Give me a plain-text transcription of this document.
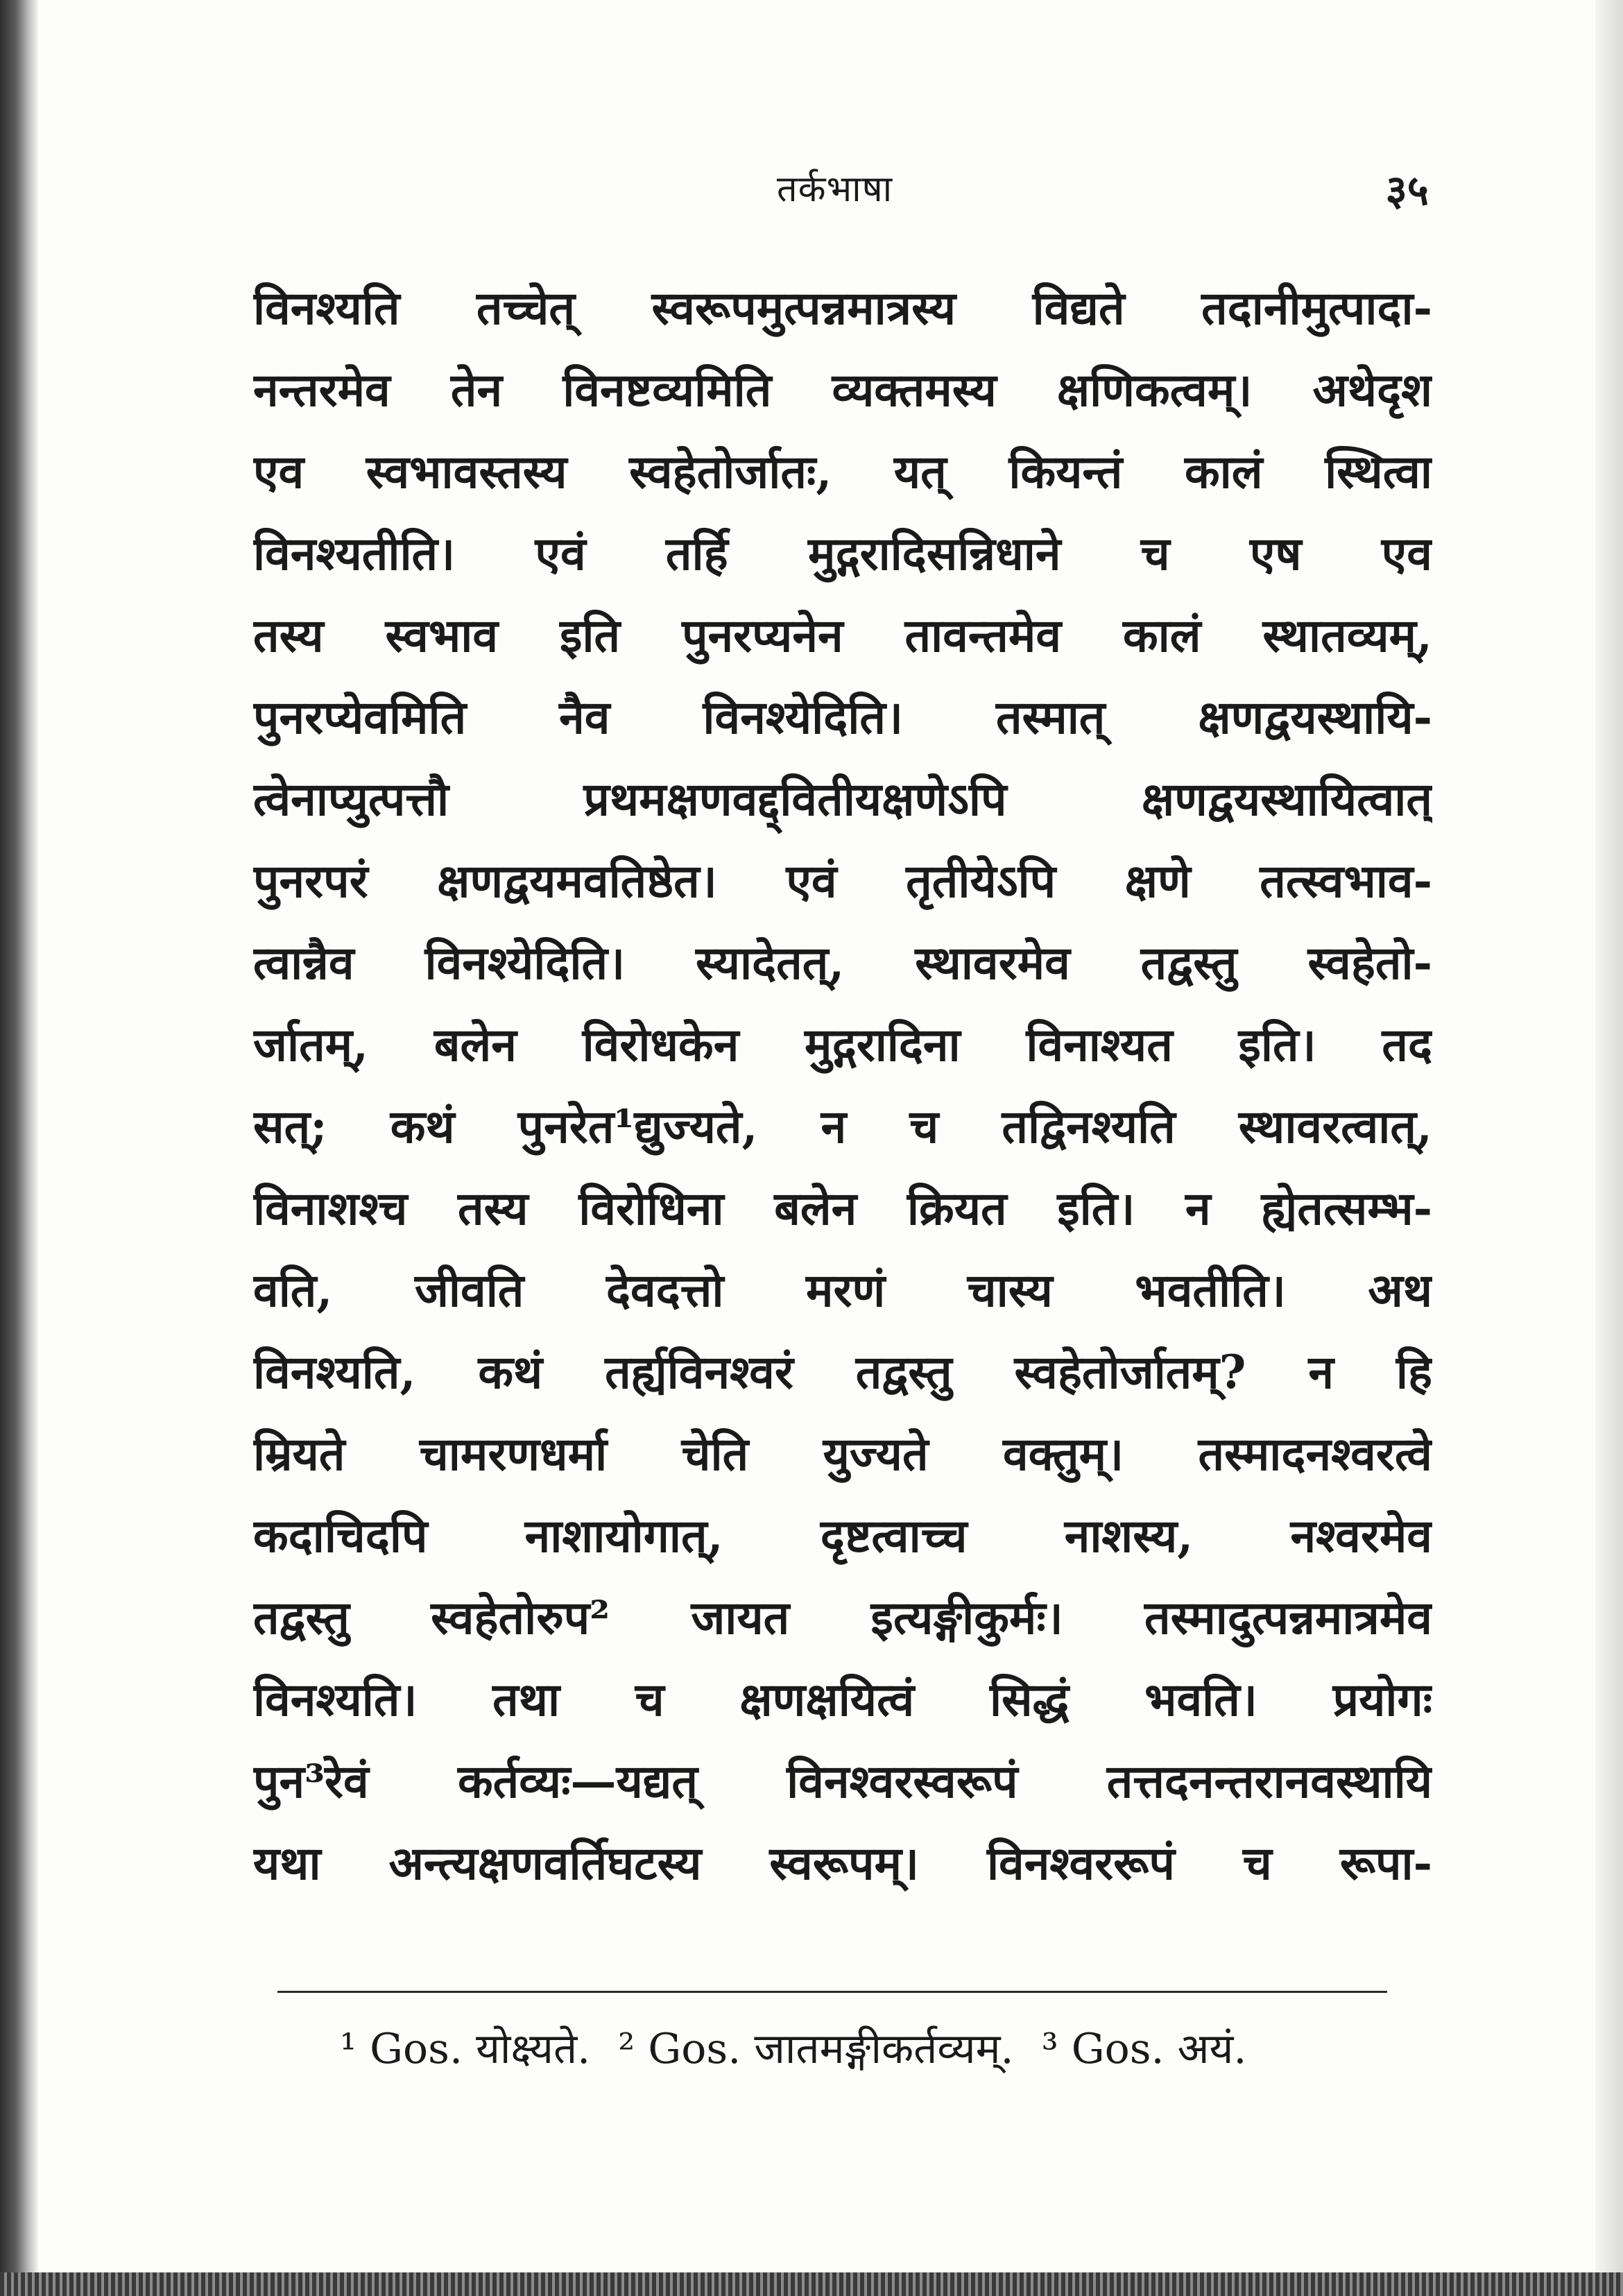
तर्कभाषा	३५
विनश्यति तच्चेत् स्वरूपमुत्पन्नमात्रस्य विद्यते तदानीमुत्पादा-
नन्तरमेव तेन विनष्टव्यमिति व्यक्तमस्य क्षणिकत्वम्। अथेदृश
एव स्वभावस्तस्य स्वहेतोर्जातः, यत् कियन्तं कालं स्थित्वा
विनश्यतीति। एवं तर्हि मुद्गरादिसन्निधाने च एष एव
तस्य स्वभाव इति पुनरप्यनेन तावन्तमेव कालं स्थातव्यम्,
पुनरप्येवमिति नैव विनश्येदिति। तस्मात् क्षणद्वयस्थायि-
त्वेनाप्युत्पत्तौ प्रथमक्षणवद्द्वितीयक्षणेऽपि क्षणद्वयस्थायित्वात्
पुनरपरं क्षणद्वयमवतिष्ठेत। एवं तृतीयेऽपि क्षणे तत्स्वभाव-
त्वान्नैव विनश्येदिति। स्यादेतत्, स्थावरमेव तद्वस्तु स्वहेतो-
र्जातम्, बलेन विरोधकेन मुद्गरादिना विनाश्यत इति। तद
सत्; कथं पुनरेत¹द्युज्यते, न च तद्विनश्यति स्थावरत्वात्,
विनाशश्च तस्य विरोधिना बलेन क्रियत इति। न ह्येतत्सम्भ-
वति, जीवति देवदत्तो मरणं चास्य भवतीति। अथ
विनश्यति, कथं तर्ह्यविनश्वरं तद्वस्तु स्वहेतोर्जातम्? न हि
म्रियते चामरणधर्मा चेति युज्यते वक्तुम्। तस्मादनश्वरत्वे
कदाचिदपि नाशायोगात्, दृष्टत्वाच्च नाशस्य, नश्वरमेव
तद्वस्तु स्वहेतोरुप² जायत इत्यङ्गीकुर्मः। तस्मादुत्पन्नमात्रमेव
विनश्यति। तथा च क्षणक्षयित्वं सिद्धं भवति। प्रयोगः
पुन³रेवं कर्तव्यः—यद्यत् विनश्वरस्वरूपं तत्तदनन्तरानवस्थायि
यथा अन्त्यक्षणवर्तिघटस्य स्वरूपम्। विनश्वररूपं च रूपा-
¹ Gos. योक्ष्यते. ² Gos. जातमङ्गीकर्तव्यम्. ³ Gos. अयं.
